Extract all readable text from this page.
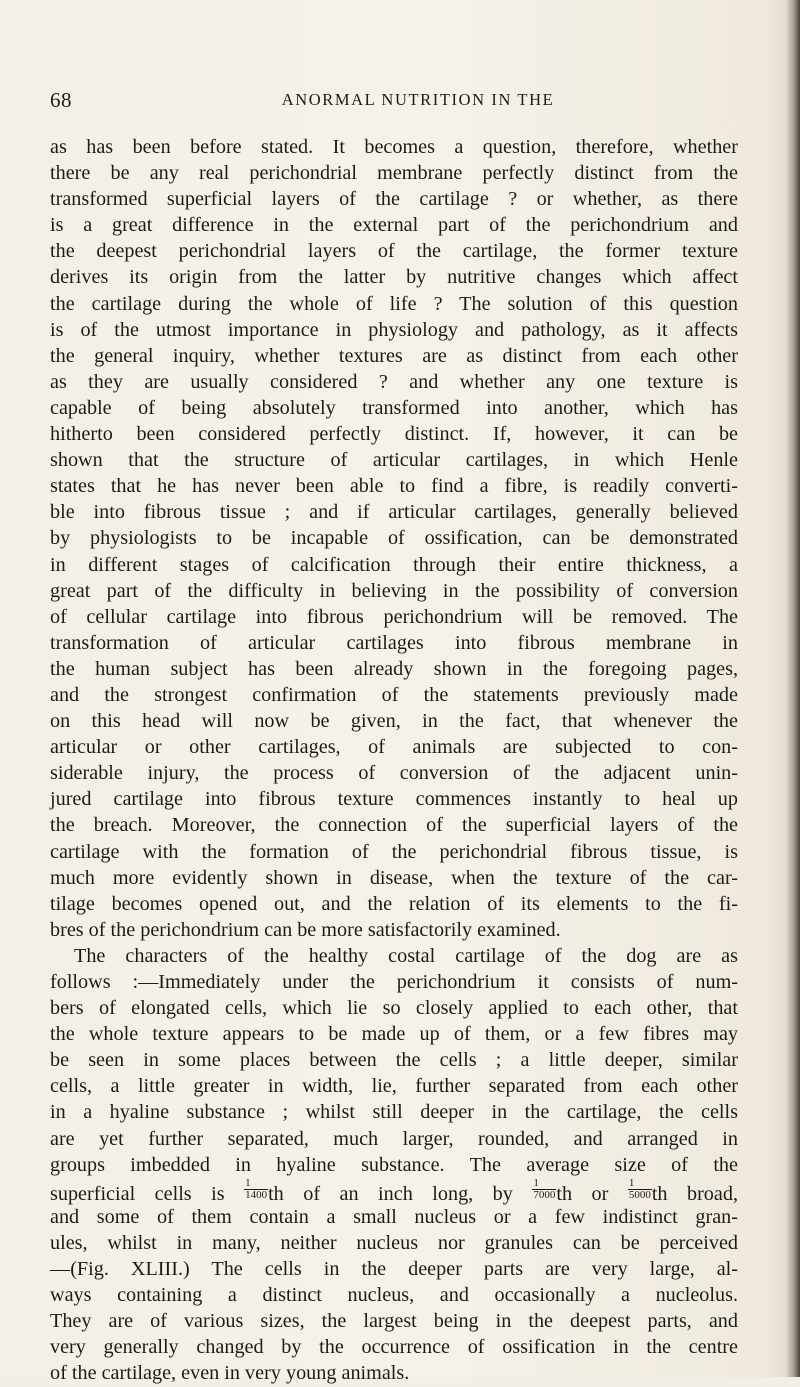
68	ANORMAL NUTRITION IN THE
as has been before stated. It becomes a question, therefore, whether
there be any real perichondrial membrane perfectly distinct from the
transformed superficial layers of the cartilage ? or whether, as there
is a great difference in the external part of the perichondrium and
the deepest perichondrial layers of the cartilage, the former texture
derives its origin from the latter by nutritive changes which affect
the cartilage during the whole of life ? The solution of this question
is of the utmost importance in physiology and pathology, as it affects
the general inquiry, whether textures are as distinct from each other
as they are usually considered ? and whether any one texture is
capable of being absolutely transformed into another, which has
hitherto been considered perfectly distinct. If, however, it can be
shown that the structure of articular cartilages, in which Henle
states that he has never been able to find a fibre, is readily converti-
ble into fibrous tissue ; and if articular cartilages, generally believed
by physiologists to be incapable of ossification, can be demonstrated
in different stages of calcification through their entire thickness, a
great part of the difficulty in believing in the possibility of conversion
of cellular cartilage into fibrous perichondrium will be removed. The
transformation of articular cartilages into fibrous membrane in
the human subject has been already shown in the foregoing pages,
and the strongest confirmation of the statements previously made
on this head will now be given, in the fact, that whenever the
articular or other cartilages, of animals are subjected to con-
siderable injury, the process of conversion of the adjacent unin-
jured cartilage into fibrous texture commences instantly to heal up
the breach. Moreover, the connection of the superficial layers of the
cartilage with the formation of the perichondrial fibrous tissue, is
much more evidently shown in disease, when the texture of the car-
tilage becomes opened out, and the relation of its elements to the fi-
bres of the perichondrium can be more satisfactorily examined.
The characters of the healthy costal cartilage of the dog are as
follows :—Immediately under the perichondrium it consists of num-
bers of elongated cells, which lie so closely applied to each other, that
the whole texture appears to be made up of them, or a few fibres may
be seen in some places between the cells ; a little deeper, similar
cells, a little greater in width, lie, further separated from each other
in a hyaline substance ; whilst still deeper in the cartilage, the cells
are yet further separated, much larger, rounded, and arranged in
groups imbedded in hyaline substance. The average size of the
superficial cells is $\frac{1}{1400}$ th of an inch long, by $\frac{1}{7000}$ th or $\frac{1}{5000}$ th broad,
and some of them contain a small nucleus or a few indistinct gran-
ules, whilst in many, neither nucleus nor granules can be perceived
—(Fig. XLIII.) The cells in the deeper parts are very large, al-
ways containing a distinct nucleus, and occasionally a nucleolus.
They are of various sizes, the largest being in the deepest parts, and
very generally changed by the occurrence of ossification in the centre
of the cartilage, even in very young animals.
